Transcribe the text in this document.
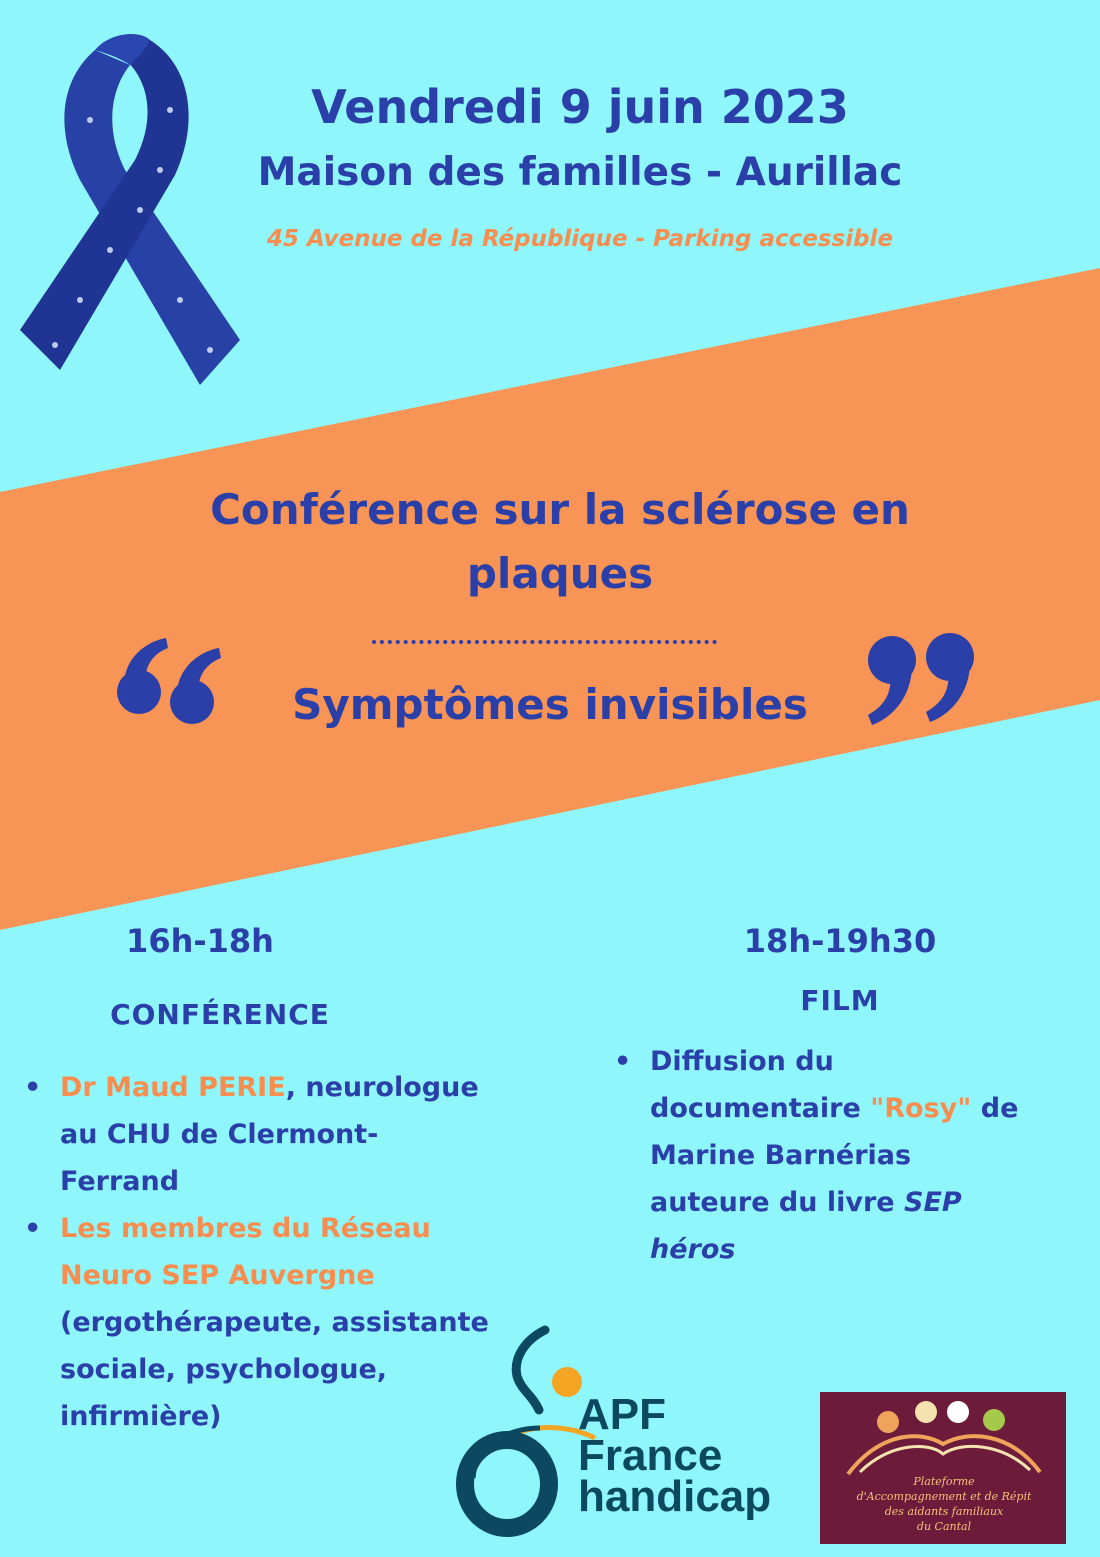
Vendredi 9 juin 2023
Maison des familles - Aurillac
45 Avenue de la République - Parking accessible
Conférence sur la sclérose en
plaques
Symptômes invisibles
16h-18h
CONFÉRENCE
• Dr Maud PERIE, neurologue au CHU de Clermont-Ferrand
• Les membres du Réseau Neuro SEP Auvergne (ergothérapeute, assistante sociale, psychologue, infirmière)
18h-19h30
FILM
• Diffusion du documentaire "Rosy" de Marine Barnérias auteure du livre SEP héros
APF
France
handicap	Plateforme
d'Accompagnement et de Répit
des aidants familiaux
du Cantal
